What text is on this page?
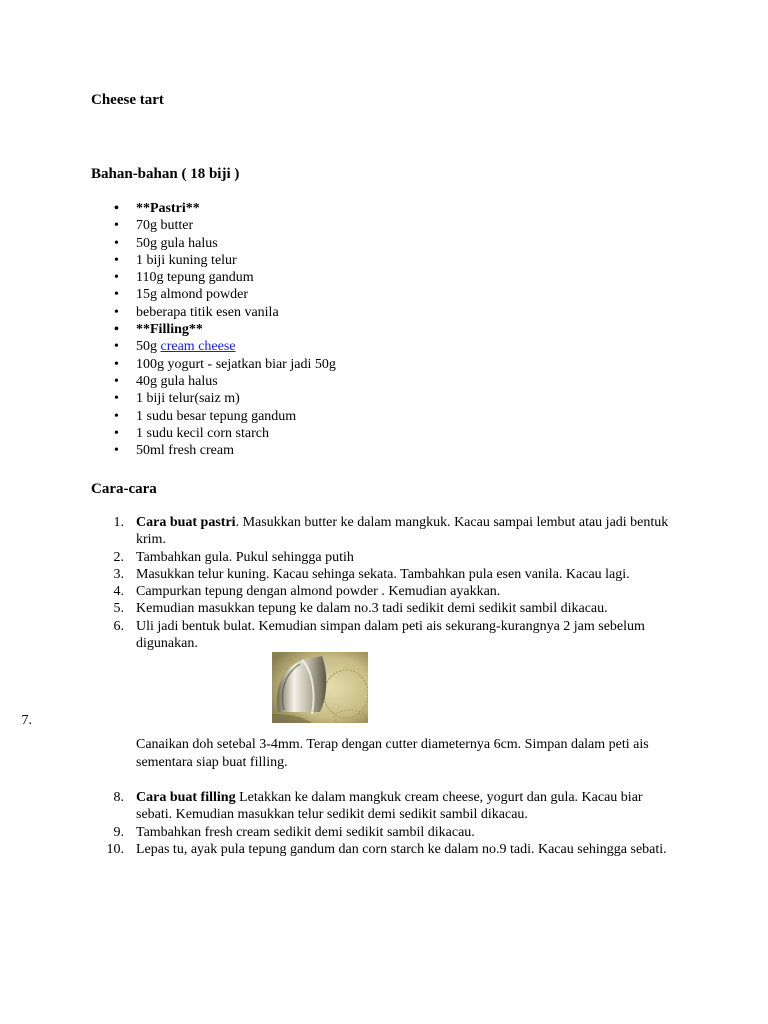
Cheese tart
Bahan-bahan ( 18 biji )
• **Pastri**
• 70g butter
• 50g gula halus
• 1 biji kuning telur
• 110g tepung gandum
• 15g almond powder
• beberapa titik esen vanila
• **Filling**
• 50g cream cheese
• 100g yogurt - sejatkan biar jadi 50g
• 40g gula halus
• 1 biji telur(saiz m)
• 1 sudu besar tepung gandum
• 1 sudu kecil corn starch
• 50ml fresh cream
Cara-cara
1. Cara buat pastri. Masukkan butter ke dalam mangkuk. Kacau sampai lembut atau jadi bentuk krim.
2. Tambahkan gula. Pukul sehingga putih
3. Masukkan telur kuning. Kacau sehinga sekata. Tambahkan pula esen vanila. Kacau lagi.
4. Campurkan tepung dengan almond powder . Kemudian ayakkan.
5. Kemudian masukkan tepung ke dalam no.3 tadi sedikit demi sedikit sambil dikacau.
6. Uli jadi bentuk bulat. Kemudian simpan dalam peti ais sekurang-kurangnya 2 jam sebelum digunakan.
7.
Canaikan doh setebal 3-4mm. Terap dengan cutter diameternya 6cm. Simpan dalam peti ais sementara siap buat filling.
8. Cara buat filling Letakkan ke dalam mangkuk cream cheese, yogurt dan gula. Kacau biar sebati. Kemudian masukkan telur sedikit demi sedikit sambil dikacau.
9. Tambahkan fresh cream sedikit demi sedikit sambil dikacau.
10. Lepas tu, ayak pula tepung gandum dan corn starch ke dalam no.9 tadi. Kacau sehingga sebati.
